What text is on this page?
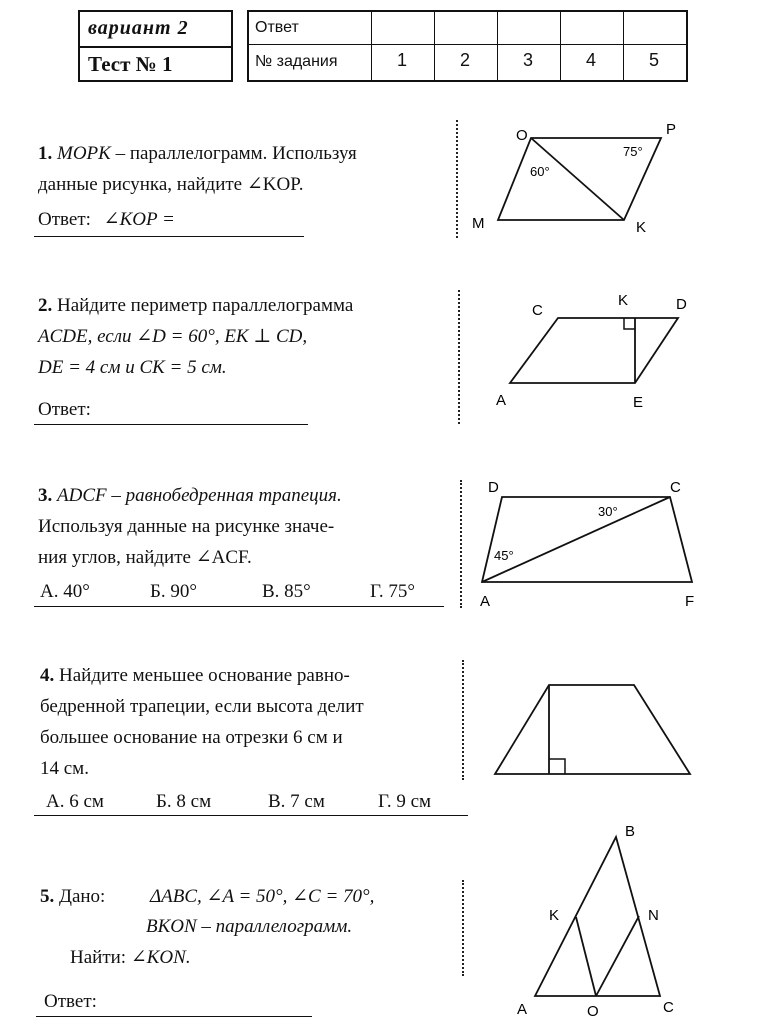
вариант 2
Тест № 1
Ответ
№ задания	1	2	3	4	5
1. MOPK – параллелограмм. Используя
данные рисунка, найдите ∠KOP.
Ответ: ∠KOP =
O	P
M	K
60°
75°
2. Найдите периметр параллелограмма
ACDE, если ∠D = 60°, EK ⊥ CD,
DE = 4 см и CK = 5 см.
Ответ:
C
K	D
A	E
3. ADCF – равнобедренная трапеция.
Используя данные на рисунке значе-
ния углов, найдите ∠ACF.
А. 40°	Б. 90°	В. 85°	Г. 75°
D	C
A	F
30°
45°
4. Найдите меньшее основание равно-
бедренной трапеции, если высота делит
большее основание на отрезки 6 см и
14 см.
А. 6 см	Б. 8 см	В. 7 см	Г. 9 см
5. Дано: ΔABC, ∠A = 50°, ∠C = 70°,
BKON – параллелограмм.
Найти: ∠KON.
Ответ:
B
K	N
A	O	C
